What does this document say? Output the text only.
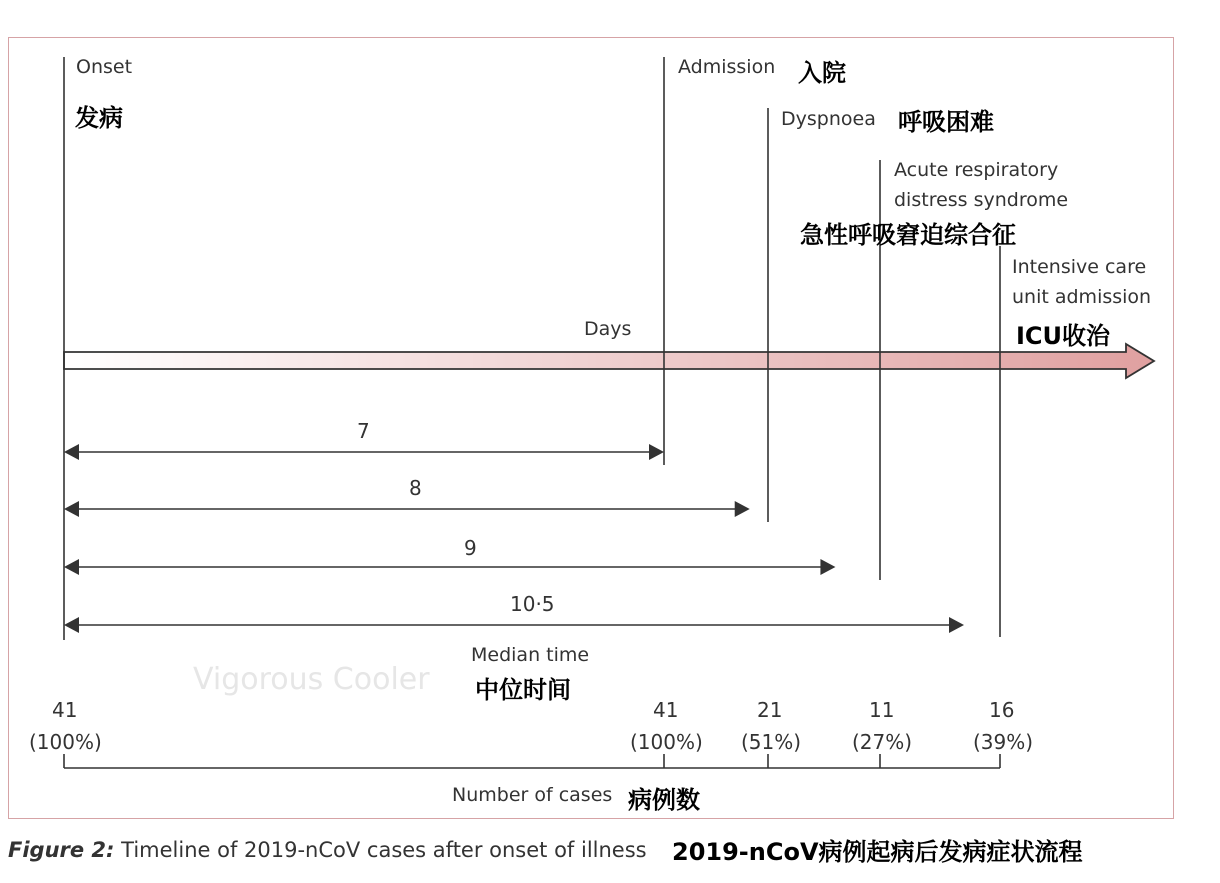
Onset
发病
Admission 入院
Dyspnoea 呼吸困难
Acute respiratory
distress syndrome
急性呼吸窘迫综合征
Intensive care
unit admission
ICU收治
Days
7
8
9
10·5
Median time
中位时间
Vigorous Cooler
41
(100%)
41
(100%)
21
(51%)
11
(27%)
16
(39%)
Number of cases 病例数
Figure 2: Timeline of 2019-nCoV cases after onset of illness 2019-nCoV病例起病后发病症状流程
